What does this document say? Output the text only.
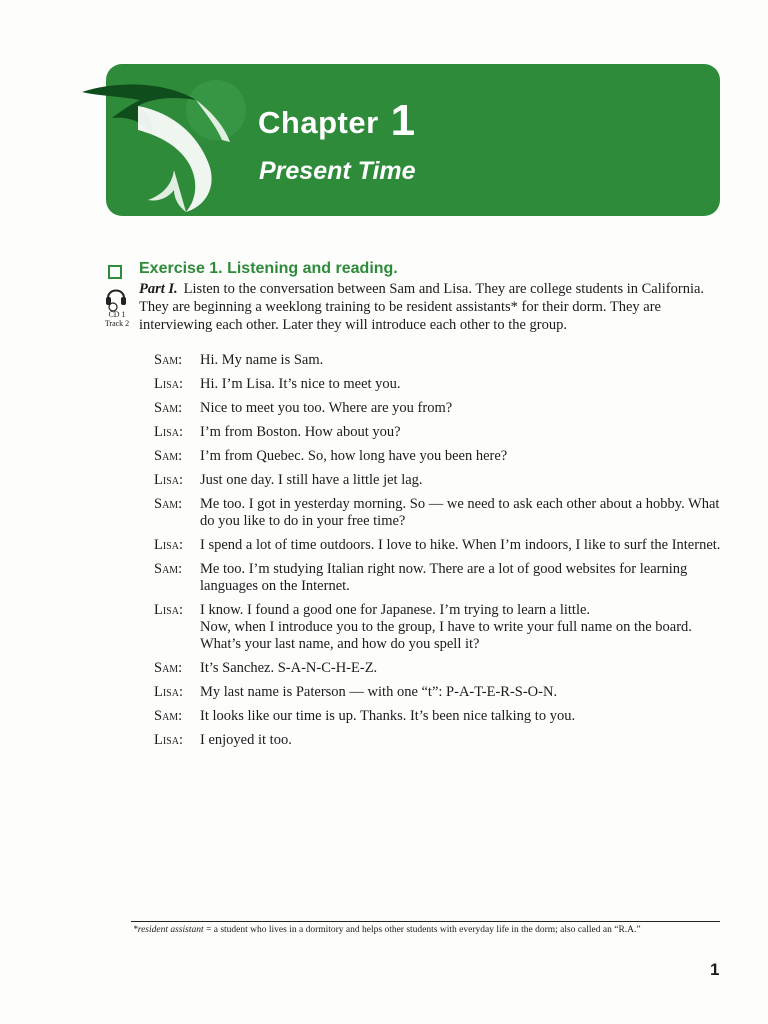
Chapter 1
Present Time
Exercise 1. Listening and reading.
CD 1
Track 2
Part I. Listen to the conversation between Sam and Lisa. They are college students in California. They are beginning a weeklong training to be resident assistants* for their dorm. They are interviewing each other. Later they will introduce each other to the group.
Sam:	Hi. My name is Sam.
Lisa:	Hi. I’m Lisa. It’s nice to meet you.
Sam:	Nice to meet you too. Where are you from?
Lisa:	I’m from Boston. How about you?
Sam:	I’m from Quebec. So, how long have you been here?
Lisa:	Just one day. I still have a little jet lag.
Sam:	Me too. I got in yesterday morning. So — we need to ask each other about a hobby. What do you like to do in your free time?
Lisa:	I spend a lot of time outdoors. I love to hike. When I’m indoors, I like to surf the Internet.
Sam:	Me too. I’m studying Italian right now. There are a lot of good websites for learning languages on the Internet.
Lisa:	I know. I found a good one for Japanese. I’m trying to learn a little.
Now, when I introduce you to the group, I have to write your full name on the board. What’s your last name, and how do you spell it?
Sam:	It’s Sanchez. S-A-N-C-H-E-Z.
Lisa:	My last name is Paterson — with one “t”: P-A-T-E-R-S-O-N.
Sam:	It looks like our time is up. Thanks. It’s been nice talking to you.
Lisa:	I enjoyed it too.
*resident assistant = a student who lives in a dormitory and helps other students with everyday life in the dorm; also called an “R.A.”
1
